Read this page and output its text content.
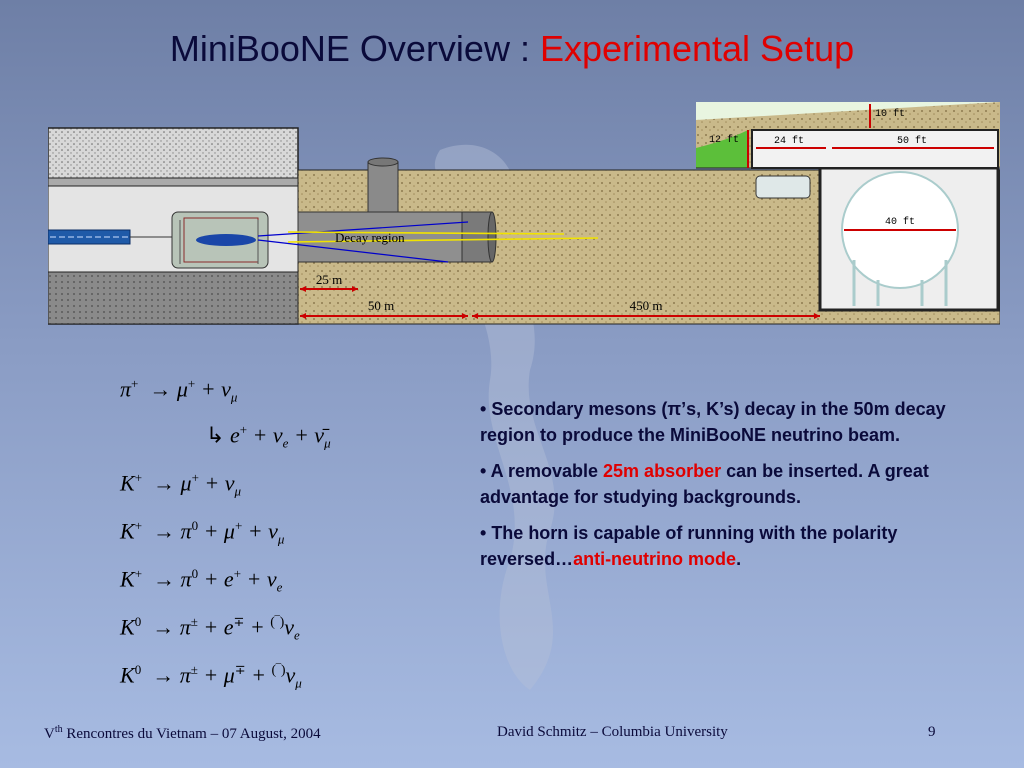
MiniBooNE Overview : Experimental Setup
Decay region
25 m
50 m	450 m
40 ft
24 ft	50 ft
10 ft
12 ft
$\pi^+ \to \mu^+ + \nu_\mu$
↳ $e^+ + \nu_e$ + $\nū_\mu$
$K^+ \to \mu^+ + \nu_\mu$
$K^+ \to \pi^0 + \mu^+ + \nu_\mu$
$K^+ \to \pi^0 + e^+ + \nu_e$
$K^0 \to \pi^\pm + e^\mp + ^{(‾)}\nu_e$
$K^0 \to \pi^\pm + \mu^\mp + ^{(‾)}\nu_\mu$

• Secondary mesons (π’s, K’s) decay in the 50m decay region to produce the MiniBooNE neutrino beam.

• A removable 25m absorber can be inserted. A great advantage for studying backgrounds.

• The horn is capable of running with the polarity reversed…anti-neutrino mode.

Vth Rencontres du Vietnam – 07 August, 2004	David Schmitz – Columbia University	9
